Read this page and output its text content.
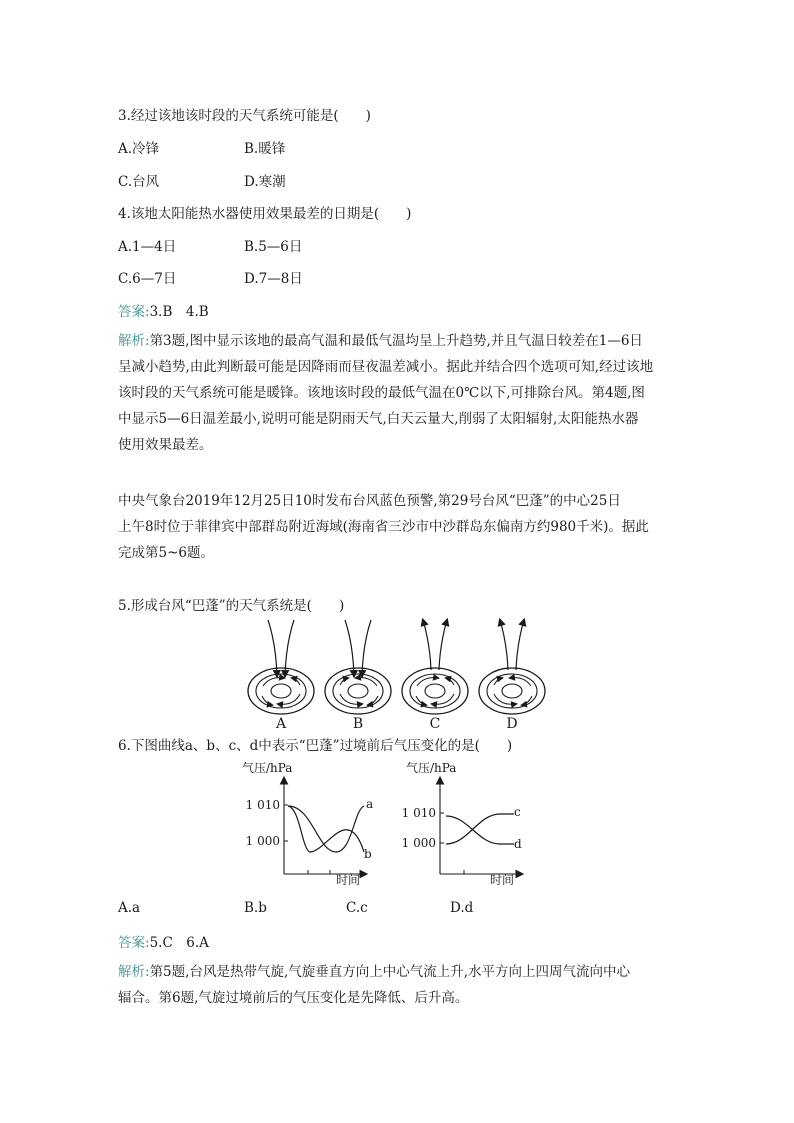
3.经过该地该时段的天气系统可能是(　　)
A.冷锋	B.暖锋
C.台风	D.寒潮
4.该地太阳能热水器使用效果最差的日期是(　　)
A.1—4日	B.5—6日
C.6—7日	D.7—8日
答案:3.B　4.B
解析:第3题,图中显示该地的最高气温和最低气温均呈上升趋势,并且气温日较差在1—6日
呈减小趋势,由此判断最可能是因降雨而昼夜温差减小。据此并结合四个选项可知,经过该地
该时段的天气系统可能是暖锋。该地该时段的最低气温在0℃以下,可排除台风。第4题,图
中显示5—6日温差最小,说明可能是阴雨天气,白天云量大,削弱了太阳辐射,太阳能热水器
使用效果最差。
中央气象台2019年12月25日10时发布台风蓝色预警,第29号台风“巴蓬”的中心25日
上午8时位于菲律宾中部群岛附近海域(海南省三沙市中沙群岛东偏南方约980千米)。据此
完成第5~6题。
5.形成台风“巴蓬”的天气系统是(　　)
A	B	C	D
6.下图曲线a、b、c、d中表示“巴蓬”过境前后气压变化的是(　　)
气压/hPa
1 010
1 000
时间
a
b
气压/hPa
1 010
1 000
时间
c
d
A.a	B.b	C.c	D.d
答案:5.C　6.A
解析:第5题,台风是热带气旋,气旋垂直方向上中心气流上升,水平方向上四周气流向中心
辐合。第6题,气旋过境前后的气压变化是先降低、后升高。
